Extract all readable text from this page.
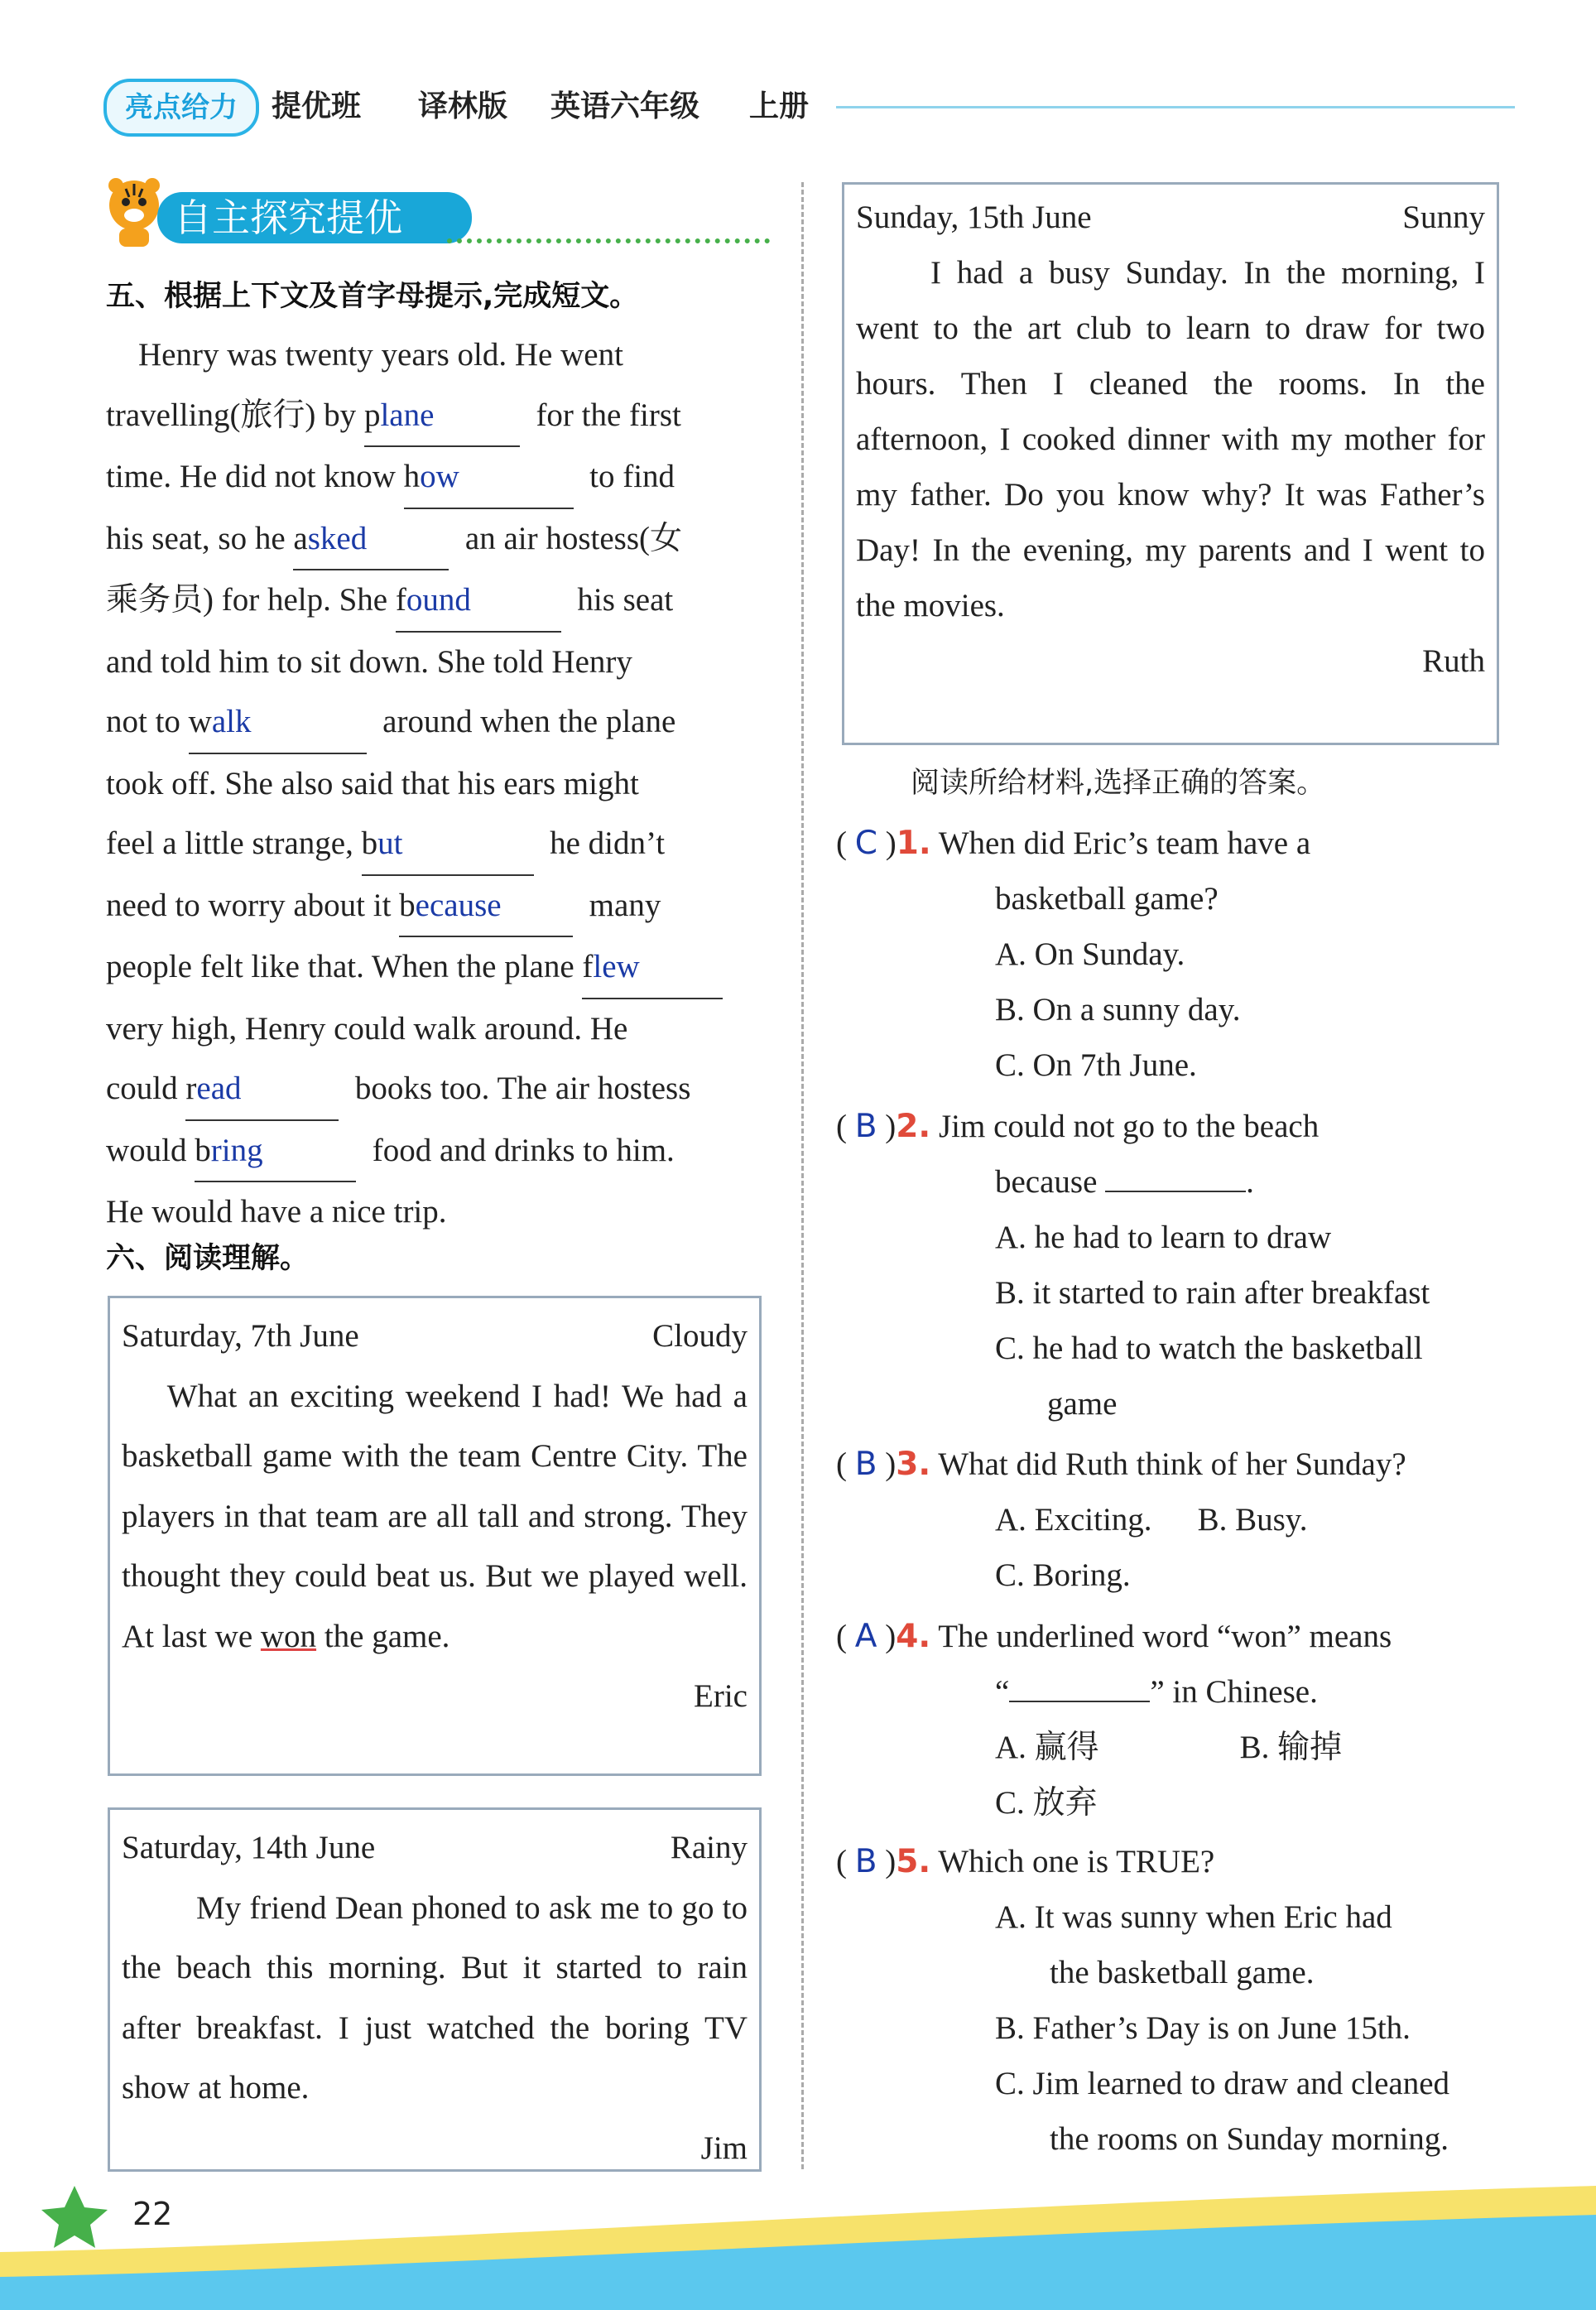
亮点给力	提优班 译林版 英语六年级 上册
自主探究提优
五、根据上下文及首字母提示,完成短文。
Henry was twenty years old. He went
travelling(旅行) by plane	for the first
time. He did not know how	to find
his seat, so he asked	an air hostess(女
乘务员) for help. She found	his seat
and told him to sit down. She told Henry
not to walk	around when the plane
took off. She also said that his ears might
feel a little strange, but	he didn’t
need to worry about it because  many
people felt like that. When the plane flew
very high, Henry could walk around. He
could read	books too. The air hostess
would bring	food and drinks to him.
He would have a nice trip.
六、阅读理解。
Saturday, 7th June	Cloudy
What an exciting weekend I had! We had a basketball game with the team Centre City. The players in that team are all tall and strong. They thought they could beat us. But we played well. At last we won the game.
Eric
Saturday, 14th June	Rainy
My friend Dean phoned to ask me to go to the beach this morning. But it started to rain after breakfast. I just watched the boring TV show at home.
Jim
Sunday, 15th June	Sunny
I had a busy Sunday. In the morning, I went to the art club to learn to draw for two hours. Then I cleaned the rooms. In the afternoon, I cooked dinner with my mother for my father. Do you know why? It was Father’s Day! In the evening, my parents and I went to the movies.
Ruth
阅读所给材料,选择正确的答案。
( C )1. When did Eric’s team have a
basketball game?
A. On Sunday.
B. On a sunny day.
C. On 7th June.
( B )2. Jim could not go to the beach
because	.
A. he had to learn to draw
B. it started to rain after breakfast
C. he had to watch the basketball
game
( B )3. What did Ruth think of her Sunday?
A. Exciting. B. Busy.
C. Boring.
( A )4. The underlined word “won” means
“	” in Chinese.
A. 赢得	B. 输掉
C. 放弃
( B )5. Which one is TRUE?
A. It was sunny when Eric had
the basketball game.
B. Father’s Day is on June 15th.
C. Jim learned to draw and cleaned
the rooms on Sunday morning.
22
